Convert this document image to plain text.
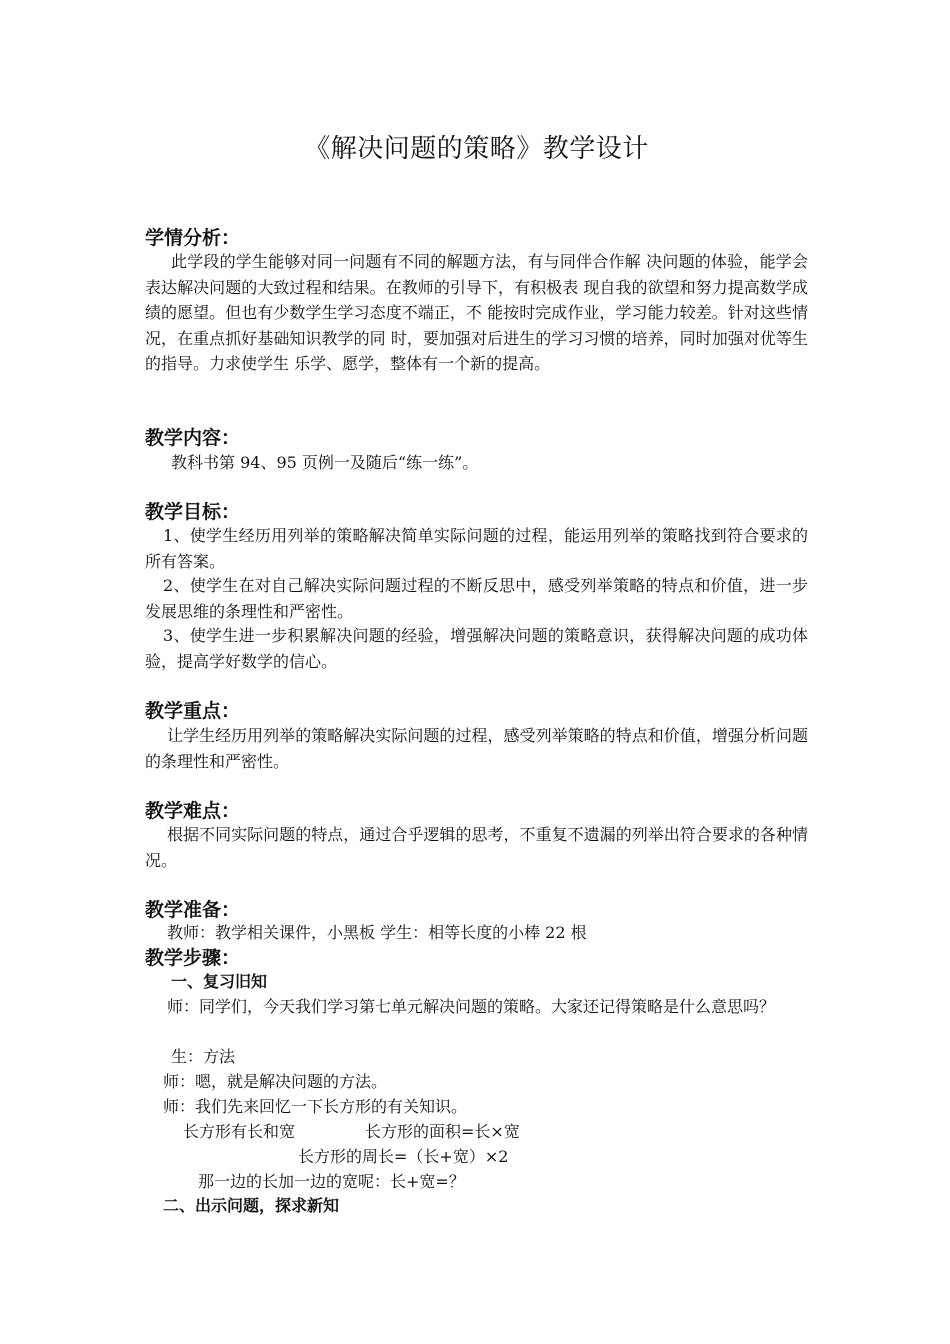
《解决问题的策略》教学设计
学情分析：
此学段的学生能够对同一问题有不同的解题方法，有与同伴合作解 决问题的体验，能学会表达解决问题的大致过程和结果。在教师的引导下，有积极表 现自我的欲望和努力提高数学成绩的愿望。但也有少数学生学习态度不端正，不 能按时完成作业，学习能力较差。针对这些情况，在重点抓好基础知识教学的同 时，要加强对后进生的学习习惯的培养，同时加强对优等生的指导。力求使学生 乐学、愿学，整体有一个新的提高。
教学内容：
教科书第 94、95 页例一及随后“练一练”。
教学目标：
1、使学生经历用列举的策略解决简单实际问题的过程，能运用列举的策略找到符合要求的所有答案。
2、使学生在对自己解决实际问题过程的不断反思中，感受列举策略的特点和价值，进一步发展思维的条理性和严密性。
3、使学生进一步积累解决问题的经验，增强解决问题的策略意识，获得解决问题的成功体验，提高学好数学的信心。
教学重点：
让学生经历用列举的策略解决实际问题的过程，感受列举策略的特点和价值，增强分析问题的条理性和严密性。
教学难点：
根据不同实际问题的特点，通过合乎逻辑的思考，不重复不遗漏的列举出符合要求的各种情况。
教学准备：
教师：教学相关课件，小黑板 学生：相等长度的小棒 22 根
教学步骤：
一、复习旧知
师：同学们，今天我们学习第七单元解决问题的策略。大家还记得策略是什么意思吗？
生：方法
师：嗯，就是解决问题的方法。
师：我们先来回忆一下长方形的有关知识。
长方形有长和宽	长方形的面积=长×宽
长方形的周长=（长+宽）×2
那一边的长加一边的宽呢：长+宽=？
二、出示问题，探求新知
